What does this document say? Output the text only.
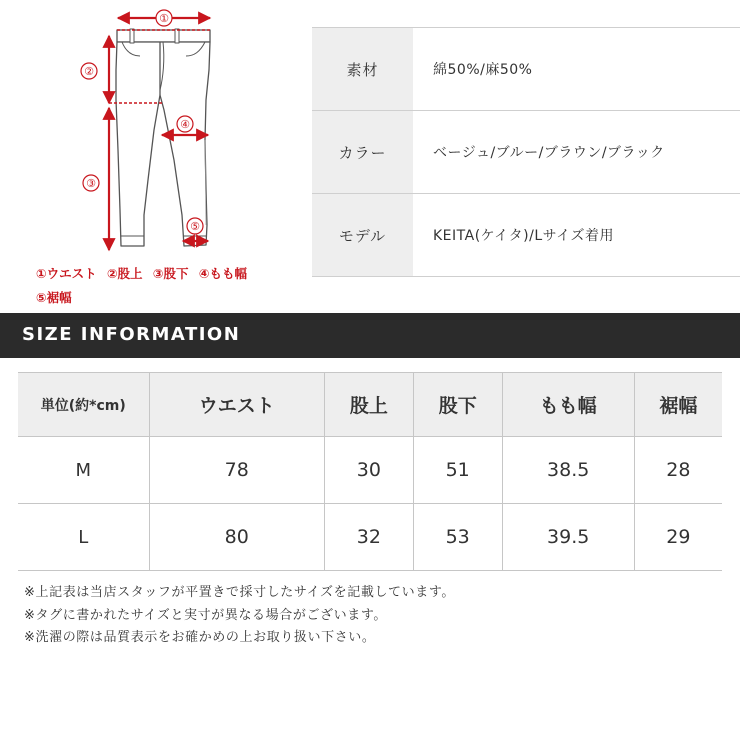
①
②
③
④
⑤
①ウエスト ②股上 ③股下 ④もも幅
⑤裾幅
素材	綿50%/麻50%
カラー	ベージュ/ブルー/ブラウン/ブラック
モデル	KEITA(ケイタ)/Lサイズ着用
SIZE INFORMATION
単位(約*cm)	ウエスト	股上	股下	もも幅	裾幅
M	78	30	51	38.5	28
L	80	32	53	39.5	29
※上記表は当店スタッフが平置きで採寸したサイズを記載しています。
※タグに書かれたサイズと実寸が異なる場合がございます。
※洗濯の際は品質表示をお確かめの上お取り扱い下さい。
